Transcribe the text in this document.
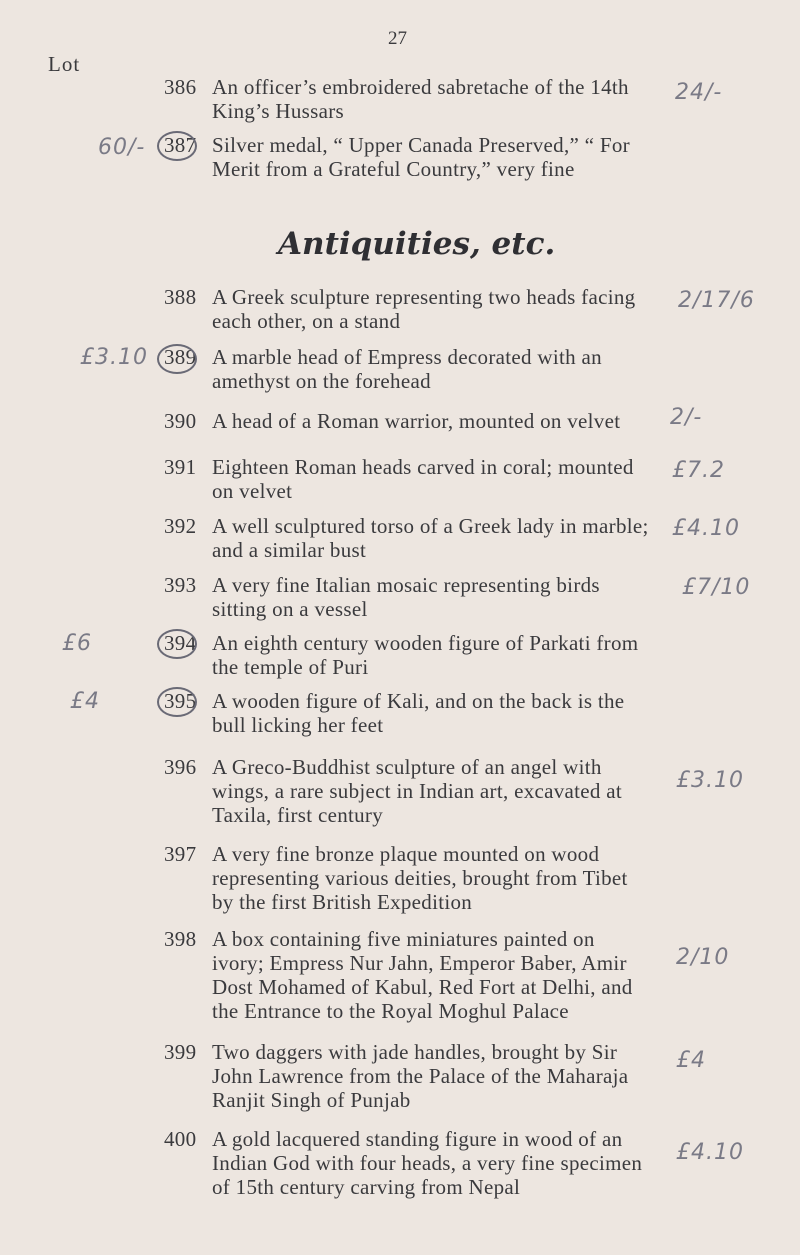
27
Lot
386 An officer’s embroidered sabretache of the 14th King’s Hussars
24/-
387 Silver medal, “ Upper Canada Preserved,” “ For Merit from a Grateful Country,” very fine
60/-
Antiquities, etc.
388 A Greek sculpture representing two heads facing each other, on a stand
2/17/6
389 A marble head of Empress decorated with an amethyst on the forehead
£3.10
390 A head of a Roman warrior, mounted on velvet	2/-
391 Eighteen Roman heads carved in coral; mounted on velvet
£7.2
392 A well sculptured torso of a Greek lady in marble; and a similar bust
£4.10
393 A very fine Italian mosaic representing birds sitting on a vessel
£7/10
394 An eighth century wooden figure of Parkati from the temple of Puri
£6
395 A wooden figure of Kali, and on the back is the bull licking her feet
£4
396 A Greco-Buddhist sculpture of an angel with wings, a rare subject in Indian art, excavated at Taxila, first century
£3.10
397 A very fine bronze plaque mounted on wood representing various deities, brought from Tibet by the first British Expedition
398 A box containing five miniatures painted on ivory; Empress Nur Jahn, Emperor Baber, Amir Dost Mohamed of Kabul, Red Fort at Delhi, and the Entrance to the Royal Moghul Palace
2/10
399 Two daggers with jade handles, brought by Sir John Lawrence from the Palace of the Maharaja Ranjit Singh of Punjab
£4
400 A gold lacquered standing figure in wood of an Indian God with four heads, a very fine specimen of 15th century carving from Nepal
£4.10
